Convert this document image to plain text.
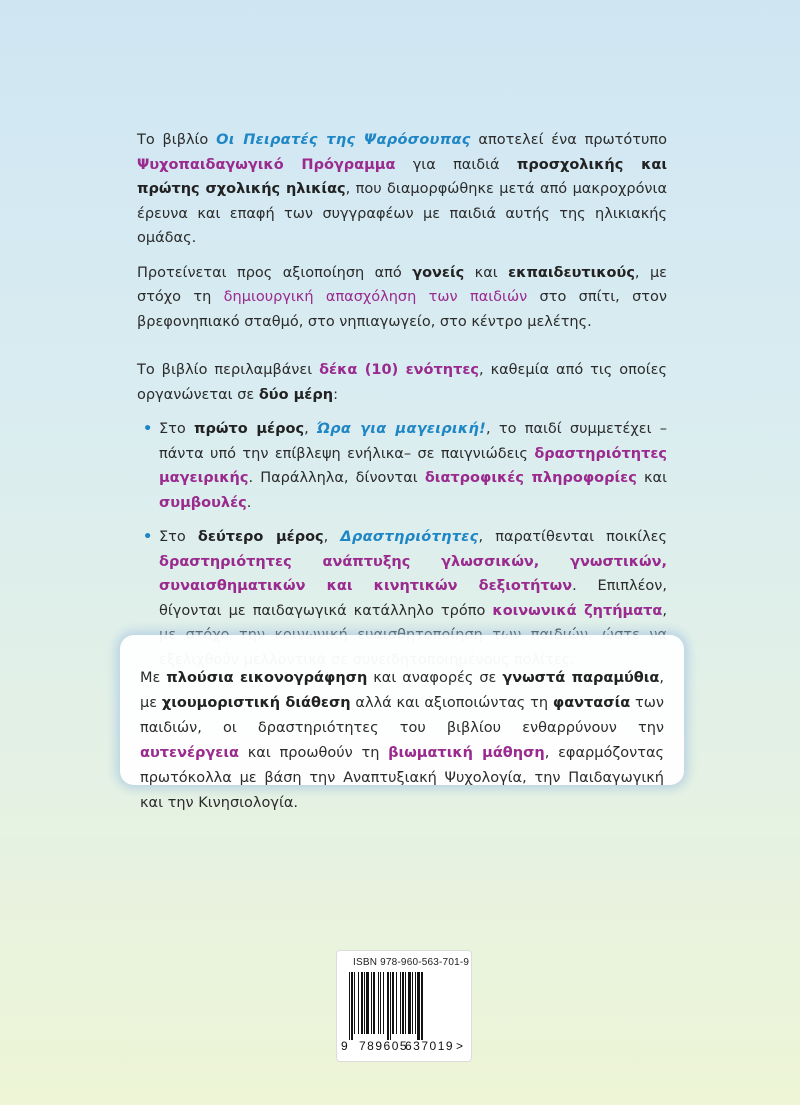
Το βιβλίο Οι Πειρατές της Ψαρόσουπας αποτελεί ένα πρωτότυπο Ψυχοπαιδαγωγικό Πρόγραμμα για παιδιά προσχολικής και πρώτης σχολικής ηλικίας, που διαμορφώθηκε μετά από μακροχρόνια έρευνα και επαφή των συγγραφέων με παιδιά αυτής της ηλικιακής ομάδας.

Προτείνεται προς αξιοποίηση από γονείς και εκπαιδευτικούς, με στόχο τη δημιουργική απασχόληση των παιδιών στο σπίτι, στον βρεφονηπιακό σταθμό, στο νηπιαγωγείο, στο κέντρο μελέτης.

Το βιβλίο περιλαμβάνει δέκα (10) ενότητες, καθεμία από τις οποίες οργανώνεται σε δύο μέρη:

• Στο πρώτο μέρος, Ώρα για μαγειρική!, το παιδί συμμετέχει –πάντα υπό την επίβλεψη ενήλικα– σε παιγνιώδεις δραστηριότητες μαγειρικής. Παράλληλα, δίνονται διατροφικές πληροφορίες και συμβουλές.
• Στο δεύτερο μέρος, Δραστηριότητες, παρατίθενται ποικίλες δραστηριότητες ανάπτυξης γλωσσικών, γνωστικών, συναισθηματικών και κινητικών δεξιοτήτων. Επιπλέον, θίγονται με παιδαγωγικά κατάλληλο τρόπο κοινωνικά ζητήματα,

Με πλούσια εικονογράφηση και αναφορές σε γνωστά παραμύθια, με χιουμοριστική διάθεση αλλά και αξιοποιώντας τη φαντασία των παιδιών, οι δραστηριότητες του βιβλίου ενθαρρύνουν την αυτενέργεια και προωθούν τη βιωματική μάθηση, εφαρμόζοντας πρωτόκολλα με βάση την Αναπτυξιακή Ψυχολογία, την Παιδαγωγική και την Κινησιολογία.

ISBN 978-960-563-701-9
9 789605
637019 >
